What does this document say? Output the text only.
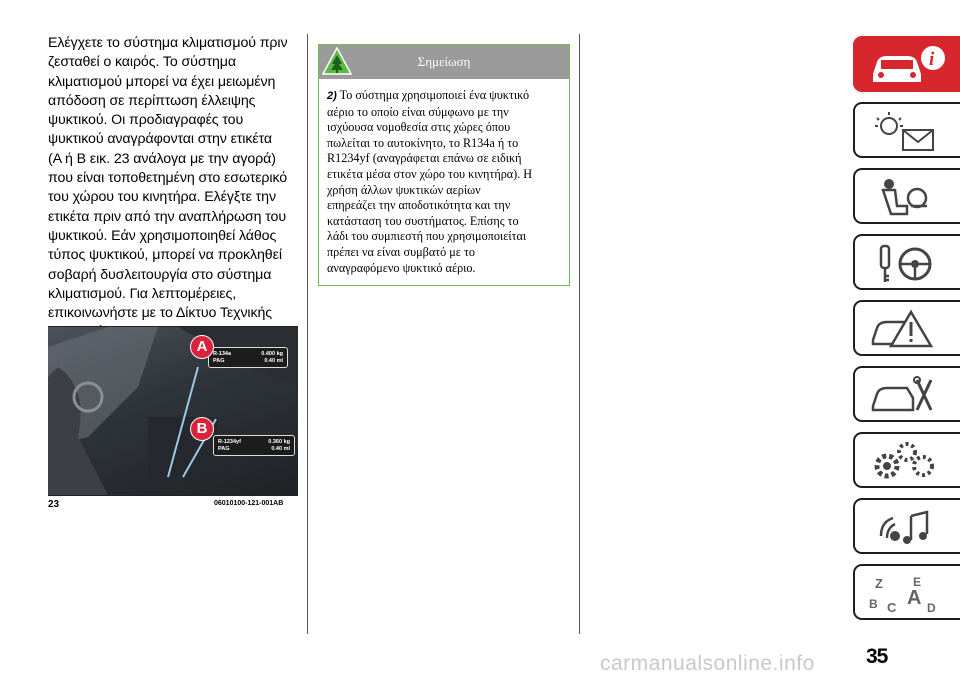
Ελέγχετε το σύστημα κλιματισμού πριν

ζεσταθεί ο καιρός. Το σύστημα

κλιματισμού μπορεί να έχει μειωμένη

απόδοση σε περίπτωση έλλειψης

ψυκτικού. Οι προδιαγραφές του

ψυκτικού αναγράφονται στην ετικέτα

(A ή B εικ. 23 ανάλογα με την αγορά)

που είναι τοποθετημένη στο εσωτερικό

του χώρου του κινητήρα. Ελέγξτε την

ετικέτα πριν από την αναπλήρωση του

ψυκτικού. Εάν χρησιμοποιηθεί λάθος

τύπος ψυκτικού, μπορεί να προκληθεί

σοβαρή δυσλειτουργία στο σύστημα

κλιματισμού. Για λεπτομέρειες,

επικοινωνήστε με το Δίκτυο Τεχνικής

R-134a	0.400 kg
PAG	0.40 ml
R-1234yf	0.360 kg
PAG	0.40 ml
A
B
23	06010100-121-001AB
Σημείωση
2) Το σύστημα χρησιμοποιεί ένα ψυκτικό
αέριο το οποίο είναι σύμφωνο με την
ισχύουσα νομοθεσία στις χώρες όπου
πωλείται το αυτοκίνητο, το R134a ή το
R1234yf (αναγράφεται επάνω σε ειδική
ετικέτα μέσα στον χώρο του κινητήρα). Η
χρήση άλλων ψυκτικών αερίων
επηρεάζει την αποδοτικότητα και την
κατάσταση του συστήματος. Επίσης το
λάδι του συμπιεστή που χρησιμοποιείται
πρέπει να είναι συμβατό με το
αναγραφόμενο ψυκτικό αέριο.
i
Z	E
B C A D
35
carmanualsonline.info
